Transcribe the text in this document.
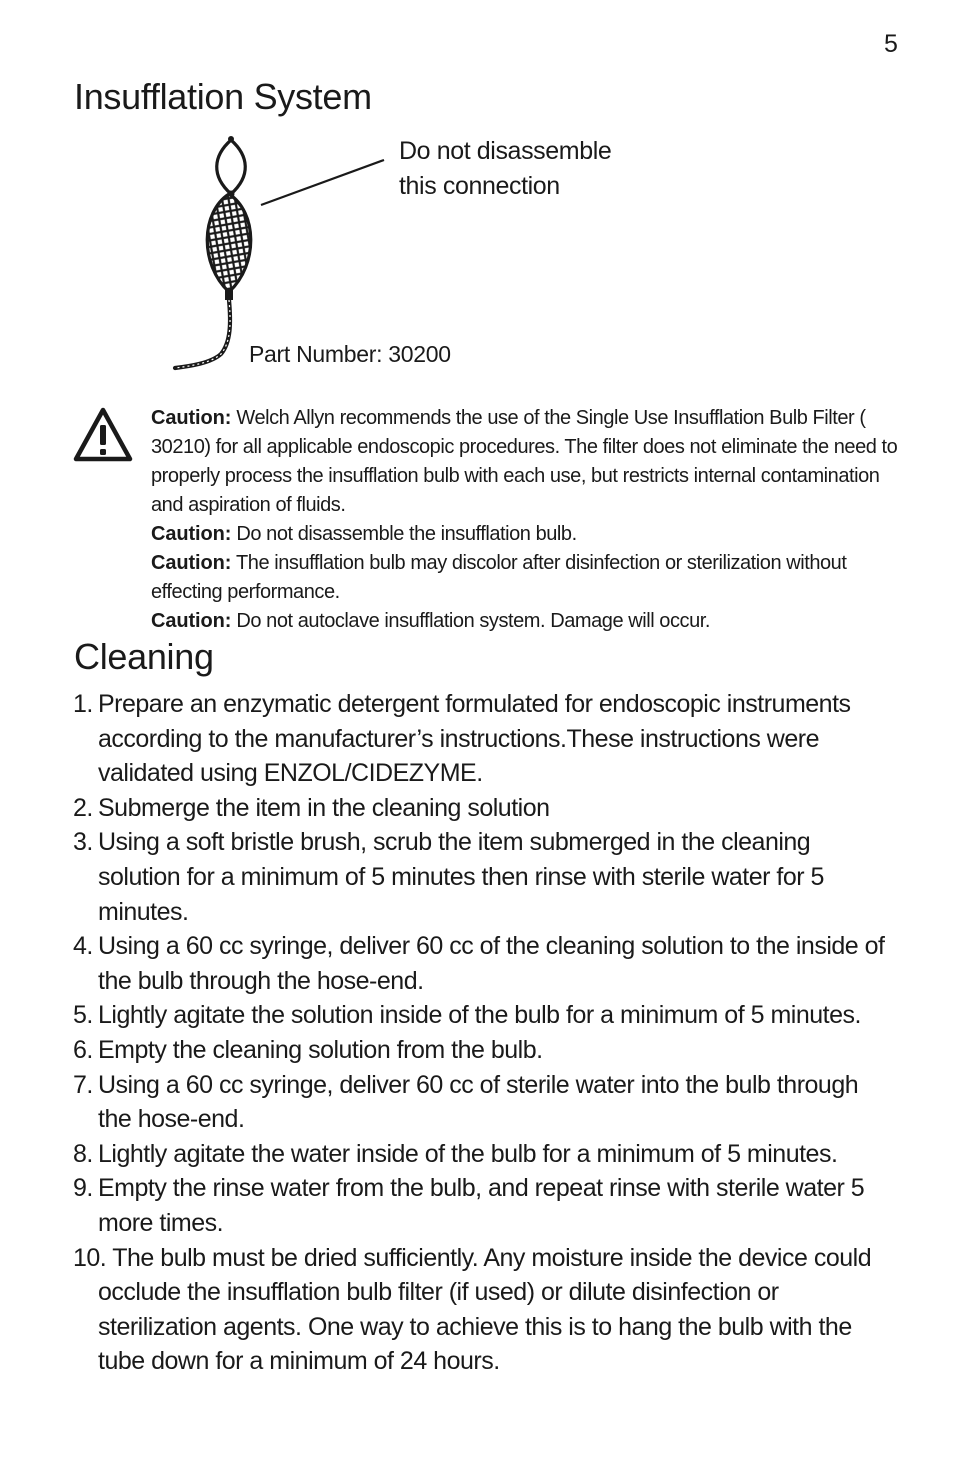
5
Insufflation System
Do not disassemble
this connection
Part Number: 30200

Caution: Welch Allyn recommends the use of the Single Use Insufflation Bulb Filter ( 30210) for all applicable endoscopic procedures. The filter does not eliminate the need to properly process the insufflation bulb with each use, but restricts internal contamination and aspiration of fluids.

Caution: Do not disassemble the insufflation bulb.

Caution: The insufflation bulb may discolor after disinfection or sterilization without effecting performance.

Caution: Do not autoclave insufflation system. Damage will occur.

Cleaning
1. Prepare an enzymatic detergent formulated for endoscopic instruments according to the manufacturer’s instructions.These instructions were validated using ENZOL/CIDEZYME.
2. Submerge the item in the cleaning solution
3. Using a soft bristle brush, scrub the item submerged in the cleaning solution for a minimum of 5 minutes then rinse with sterile water for 5 minutes.
4. Using a 60 cc syringe, deliver 60 cc of the cleaning solution to the inside of the bulb through the hose-end.
5. Lightly agitate the solution inside of the bulb for a minimum of 5 minutes.
6. Empty the cleaning solution from the bulb.
7. Using a 60 cc syringe, deliver 60 cc of sterile water into the bulb through the hose-end.
8. Lightly agitate the water inside of the bulb for a minimum of 5 minutes.
9. Empty the rinse water from the bulb, and repeat rinse with sterile water 5 more times.
10. The bulb must be dried sufficiently. Any moisture inside the device could occlude the insufflation bulb filter (if used) or dilute disinfection or sterilization agents. One way to achieve this is to hang the bulb with the tube down for a minimum of 24 hours.
